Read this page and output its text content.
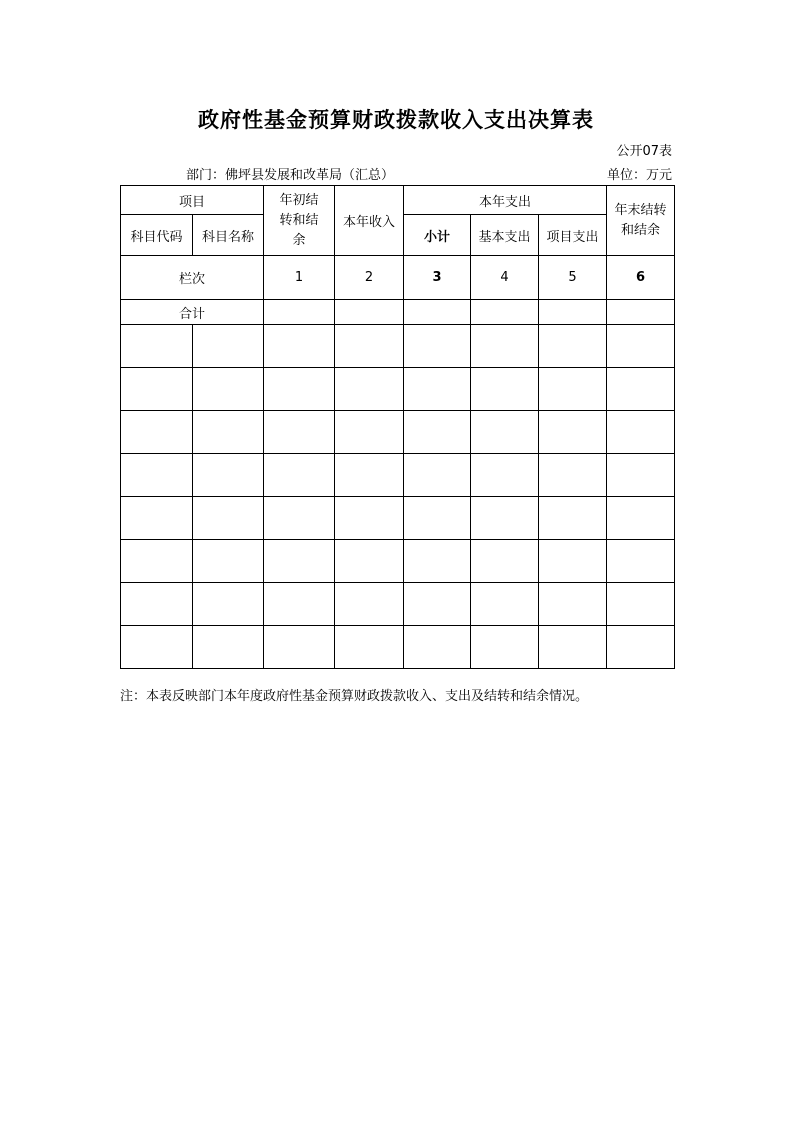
政府性基金预算财政拨款收入支出决算表
公开07表
部门：佛坪县发展和改革局（汇总）	单位：万元
项目		年初结转和结余	本年收入	本年支出			年末结转和结余

科目代码	科目名称			小计	基本支出	项目支出	
栏次		1	2	3	4	5	6
合计							

注：本表反映部门本年度政府性基金预算财政拨款收入、支出及结转和结余情况。
